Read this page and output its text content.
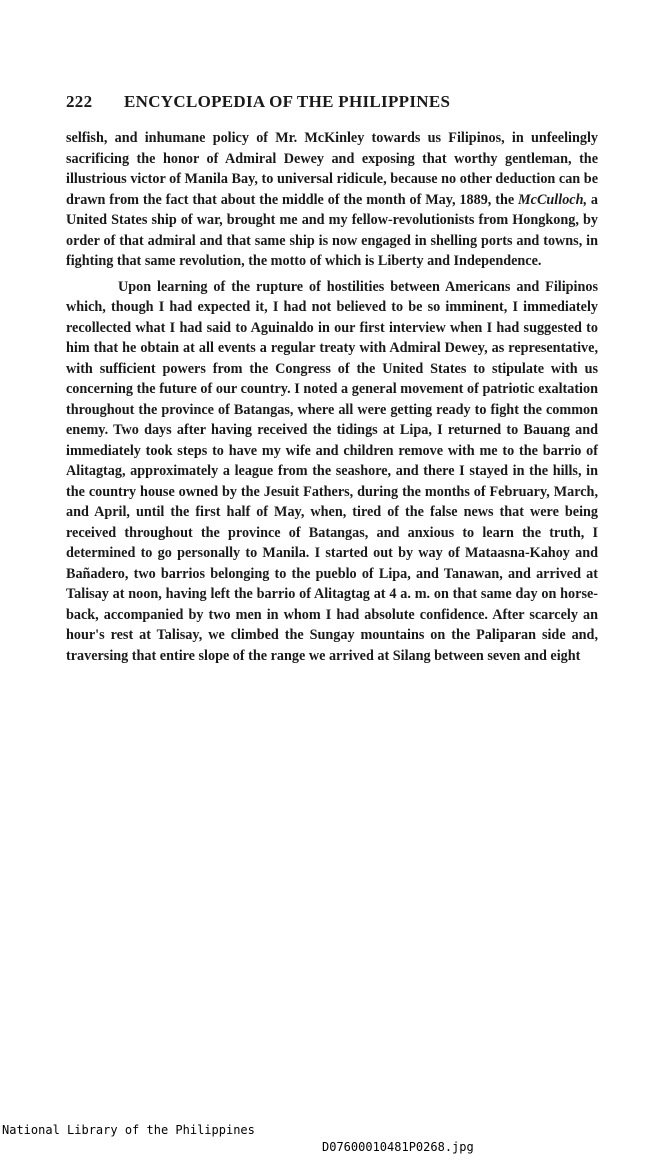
222 ENCYCLOPEDIA OF THE PHILIPPINES

selfish, and inhumane policy of Mr. McKinley towards us Filipinos, in unfeelingly sacrificing the honor of Admiral Dewey and exposing that worthy gentleman, the illustrious victor of Manila Bay, to universal ridicule, because no other deduction can be drawn from the fact that about the middle of the month of May, 1889, the McCulloch, a United States ship of war, brought me and my fellow-revolutionists from Hongkong, by order of that admiral and that same ship is now engaged in shelling ports and towns, in fighting that same revolution, the motto of which is Liberty and Independence.

Upon learning of the rupture of hostilities between Americans and Filipinos which, though I had expected it, I had not believed to be so imminent, I immediately recollected what I had said to Aguinaldo in our first interview when I had suggested to him that he obtain at all events a regular treaty with Admiral Dewey, as representative, with sufficient powers from the Congress of the United States to stipulate with us concerning the future of our country. I noted a general movement of patriotic exaltation throughout the province of Batangas, where all were getting ready to fight the common enemy. Two days after having received the tidings at Lipa, I returned to Bauang and immediately took steps to have my wife and children remove with me to the barrio of Alitagtag, approximately a league from the seashore, and there I stayed in the hills, in the country house owned by the Jesuit Fathers, during the months of February, March, and April, until the first half of May, when, tired of the false news that were being received throughout the province of Batangas, and anxious to learn the truth, I determined to go personally to Manila. I started out by way of Mataasna-Kahoy and Bañadero, two barrios belonging to the pueblo of Lipa, and Tanawan, and arrived at Talisay at noon, having left the barrio of Alitagtag at 4 a. m. on that same day on horse-back, accompanied by two men in whom I had absolute confidence. After scarcely an hour's rest at Talisay, we climbed the Sungay mountains on the Paliparan side and, traversing that entire slope of the range we arrived at Silang between seven and eight

National Library of the Philippines

D07600010481P0268.jpg
